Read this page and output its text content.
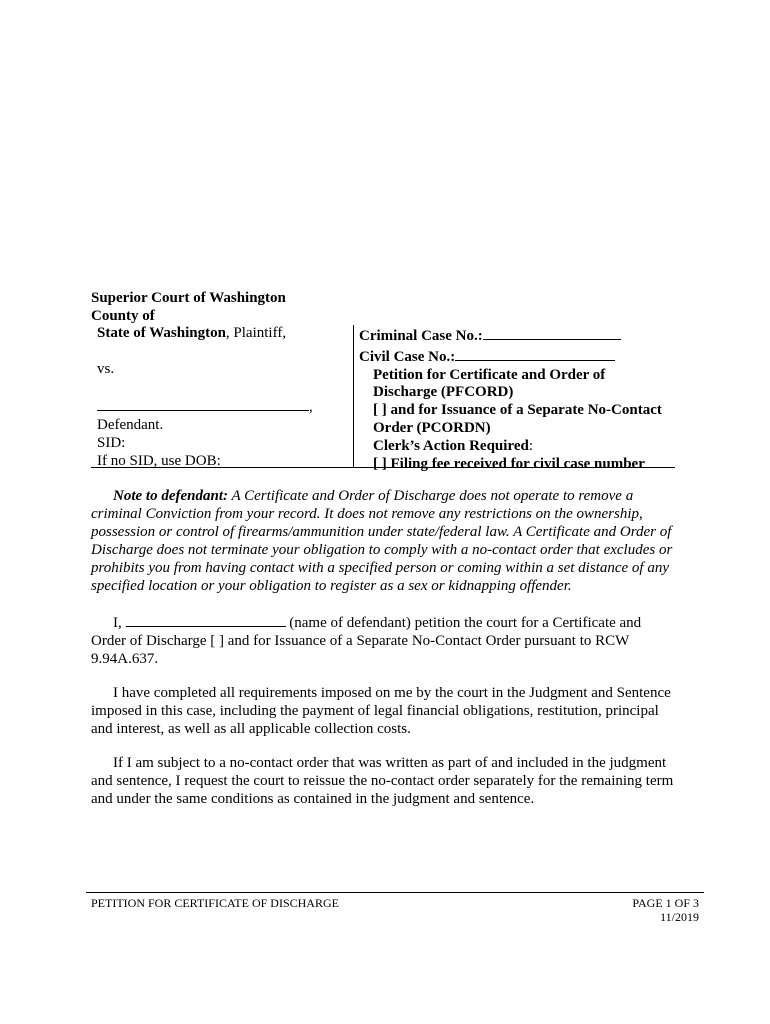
Superior Court of Washington
County of
State of Washington, Plaintiff,

vs.

,
Defendant.
SID:
If no SID, use DOB:
Criminal Case No.:
Civil Case No.:
Petition for Certificate and Order of
Discharge (PFCORD)
[ ] and for Issuance of a Separate No-Contact
Order (PCORDN)
Clerk’s Action Required:
[ ] Filing fee received for civil case number
Note to defendant: A Certificate and Order of Discharge does not operate to remove a criminal Conviction from your record. It does not remove any restrictions on the ownership, possession or control of firearms/ammunition under state/federal law. A Certificate and Order of Discharge does not terminate your obligation to comply with a no-contact order that excludes or prohibits you from having contact with a specified person or coming within a set distance of any specified location or your obligation to register as a sex or kidnapping offender.
I,	(name of defendant) petition the court for a Certificate and Order of Discharge [ ] and for Issuance of a Separate No-Contact Order pursuant to RCW 9.94A.637.
I have completed all requirements imposed on me by the court in the Judgment and Sentence imposed in this case, including the payment of legal financial obligations, restitution, principal and interest, as well as all applicable collection costs.
If I am subject to a no-contact order that was written as part of and included in the judgment and sentence, I request the court to reissue the no-contact order separately for the remaining term and under the same conditions as contained in the judgment and sentence.
PETITION FOR CERTIFICATE OF DISCHARGE	PAGE 1 OF 3
11/2019
